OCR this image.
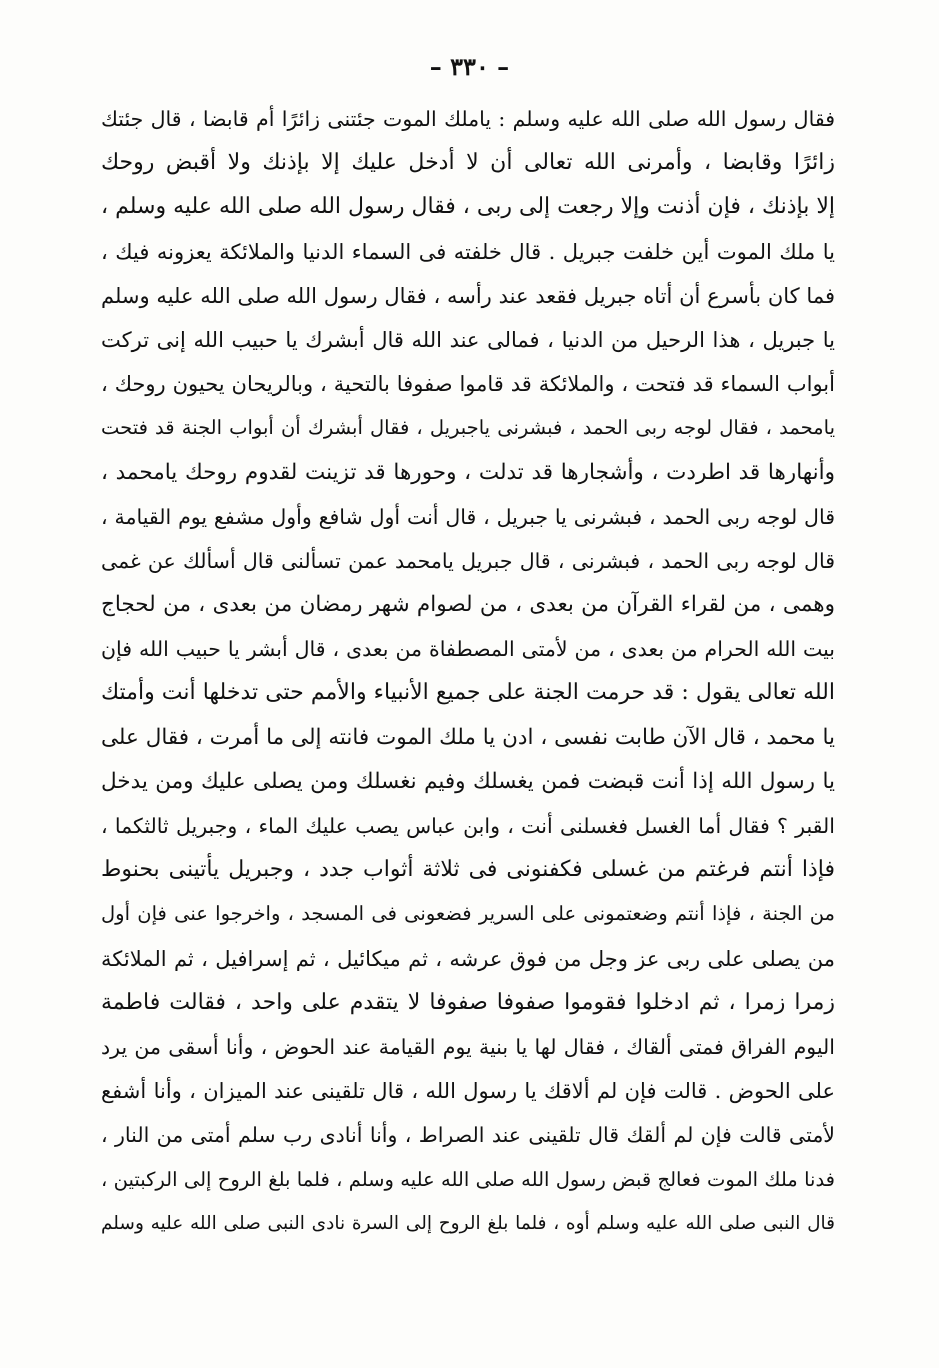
– ٣٣٠ –
فقال رسول الله صلى الله عليه وسلم : ياملك الموت جئتنى زائرًا أم قابضا ، قال جئتك
زائرًا وقابضا ، وأمرنى الله تعالى أن لا أدخل عليك إلا بإذنك ولا أقبض روحك
إلا بإذنك ، فإن أذنت وإلا رجعت إلى ربى ، فقال رسول الله صلى الله عليه وسلم ،
يا ملك الموت أين خلفت جبريل . قال خلفته فى السماء الدنيا والملائكة يعزونه فيك ،
فما كان بأسرع أن أتاه جبريل فقعد عند رأسه ، فقال رسول الله صلى الله عليه وسلم
يا جبريل ، هذا الرحيل من الدنيا ، فمالى عند الله قال أبشرك يا حبيب الله إنى تركت
أبواب السماء قد فتحت ، والملائكة قد قاموا صفوفا بالتحية ، وبالريحان يحيون روحك ،
يامحمد ، فقال لوجه ربى الحمد ، فبشرنى ياجبريل ، فقال أبشرك أن أبواب الجنة قد فتحت
وأنهارها قد اطردت ، وأشجارها قد تدلت ، وحورها قد تزينت لقدوم روحك يامحمد ،
قال لوجه ربى الحمد ، فبشرنى يا جبريل ، قال أنت أول شافع وأول مشفع يوم القيامة ،
قال لوجه ربى الحمد ، فبشرنى ، قال جبريل يامحمد عمن تسألنى قال أسألك عن غمى
وهمى ، من لقراء القرآن من بعدى ، من لصوام شهر رمضان من بعدى ، من لحجاج
بيت الله الحرام من بعدى ، من لأمتى المصطفاة من بعدى ، قال أبشر يا حبيب الله فإن
الله تعالى يقول : قد حرمت الجنة على جميع الأنبياء والأمم حتى تدخلها أنت وأمتك
يا محمد ، قال الآن طابت نفسى ، ادن يا ملك الموت فانته إلى ما أمرت ، فقال على
يا رسول الله إذا أنت قبضت فمن يغسلك وفيم نغسلك ومن يصلى عليك ومن يدخل
القبر ؟ فقال أما الغسل فغسلنى أنت ، وابن عباس يصب عليك الماء ، وجبريل ثالثكما ،
فإذا أنتم فرغتم من غسلى فكفنونى فى ثلاثة أثواب جدد ، وجبريل يأتينى بحنوط
من الجنة ، فإذا أنتم وضعتمونى على السرير فضعونى فى المسجد ، واخرجوا عنى فإن أول
من يصلى على ربى عز وجل من فوق عرشه ، ثم ميكائيل ، ثم إسرافيل ، ثم الملائكة
زمرا زمرا ، ثم ادخلوا فقوموا صفوفا صفوفا لا يتقدم على واحد ، فقالت فاطمة
اليوم الفراق فمتى ألقاك ، فقال لها يا بنية يوم القيامة عند الحوض ، وأنا أسقى من يرد
على الحوض . قالت فإن لم ألاقك يا رسول الله ، قال تلقينى عند الميزان ، وأنا أشفع
لأمتى قالت فإن لم ألقك قال تلقينى عند الصراط ، وأنا أنادى رب سلم أمتى من النار ،
فدنا ملك الموت فعالج قبض رسول الله صلى الله عليه وسلم ، فلما بلغ الروح إلى الركبتين ،
قال النبى صلى الله عليه وسلم أوه ، فلما بلغ الروح إلى السرة نادى النبى صلى الله عليه وسلم
